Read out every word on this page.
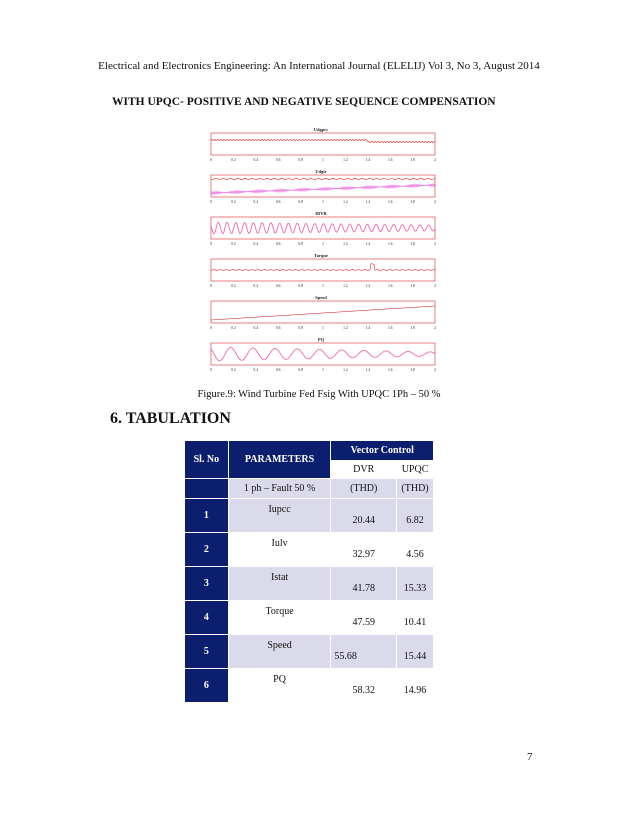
Electrical and Electronics Engineering: An International Journal (ELELIJ) Vol 3, No 3, August 2014
WITH UPQC- POSITIVE AND NEGATIVE SEQUENCE COMPENSATION
Udgpcc
0	0.2	0.4	0.6	0.8	1	1.2	1.4	1.6	1.8	2
Udgir
0	0.2	0.4	0.6	0.8	1	1.2	1.4	1.6	1.8	2
IDVR
0	0.2	0.4	0.6	0.8	1	1.2	1.4	1.6	1.8	2
Torque
0	0.2	0.4	0.6	0.8	1	1.2	1.4	1.6	1.8	2
Speed
0	0.2	0.4	0.6	0.8	1	1.2	1.4	1.6	1.8	2
PQ
0	0.2	0.4	0.6	0.8	1	1.2	1.4	1.6	1.8	2
Figure.9: Wind Turbine Fed Fsig With UPQC 1Ph – 50 %
6. TABULATION
Sl. No	PARAMETERS	Vector Control	
		DVR	UPQC
	1 ph – Fault 50 %	(THD)	(THD)
1	Iupcc	20.44	6.82
2	Iulv	32.97	4.56
3	Istat	41.78	15.33
4	Torque	47.59	10.41
5	Speed	55.68	15.44
6	PQ	58.32	14.96
7
